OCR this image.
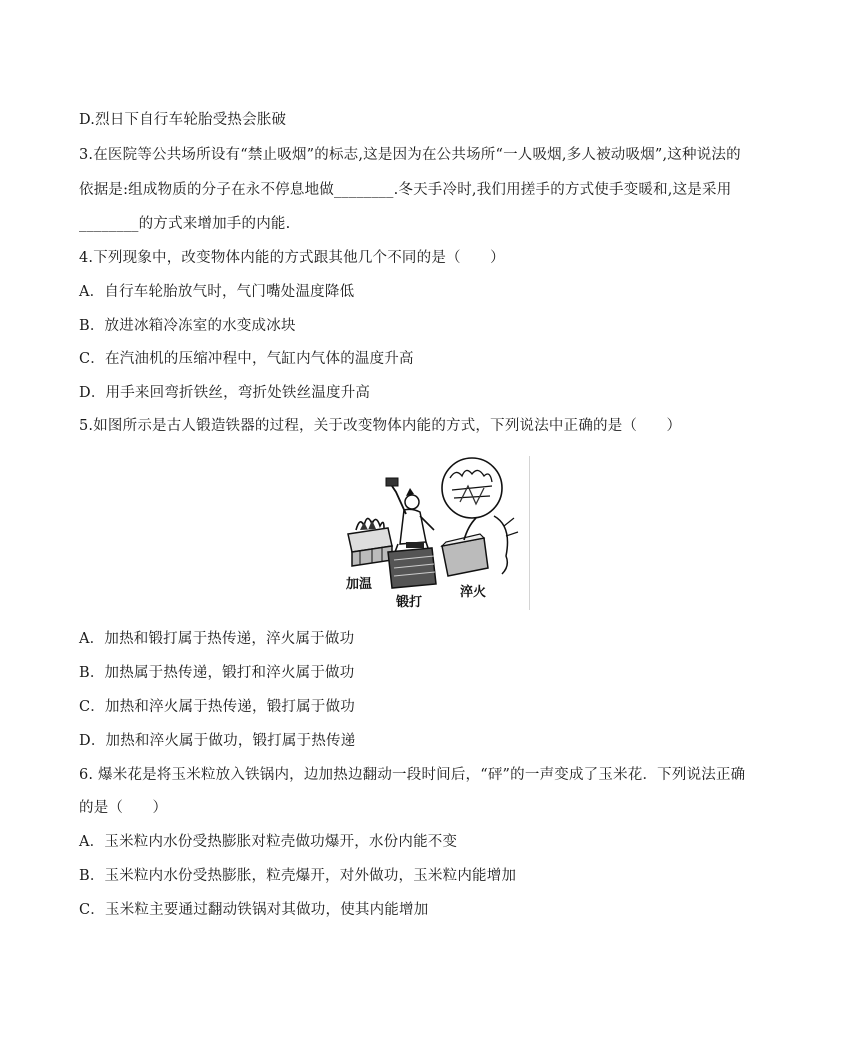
D.烈日下自行车轮胎受热会胀破
3.在医院等公共场所设有“禁止吸烟”的标志,这是因为在公共场所“一人吸烟,多人被动吸烟”,这种说法的
依据是:组成物质的分子在永不停息地做________.冬天手冷时,我们用搓手的方式使手变暖和,这是采用
________的方式来增加手的内能.
4.下列现象中，改变物体内能的方式跟其他几个不同的是（　　）
A．自行车轮胎放气时，气门嘴处温度降低
B．放进冰箱冷冻室的水变成冰块
C．在汽油机的压缩冲程中，气缸内气体的温度升高
D．用手来回弯折铁丝，弯折处铁丝温度升高
5.如图所示是古人锻造铁器的过程，关于改变物体内能的方式，下列说法中正确的是（　　）
加温
锻打
淬火
A．加热和锻打属于热传递，淬火属于做功
B．加热属于热传递，锻打和淬火属于做功
C．加热和淬火属于热传递，锻打属于做功
D．加热和淬火属于做功，锻打属于热传递
6. 爆米花是将玉米粒放入铁锅内，边加热边翻动一段时间后，“砰”的一声变成了玉米花．下列说法正确
的是（　　）
A．玉米粒内水份受热膨胀对粒壳做功爆开，水份内能不变
B．玉米粒内水份受热膨胀，粒壳爆开，对外做功，玉米粒内能增加
C．玉米粒主要通过翻动铁锅对其做功，使其内能增加
